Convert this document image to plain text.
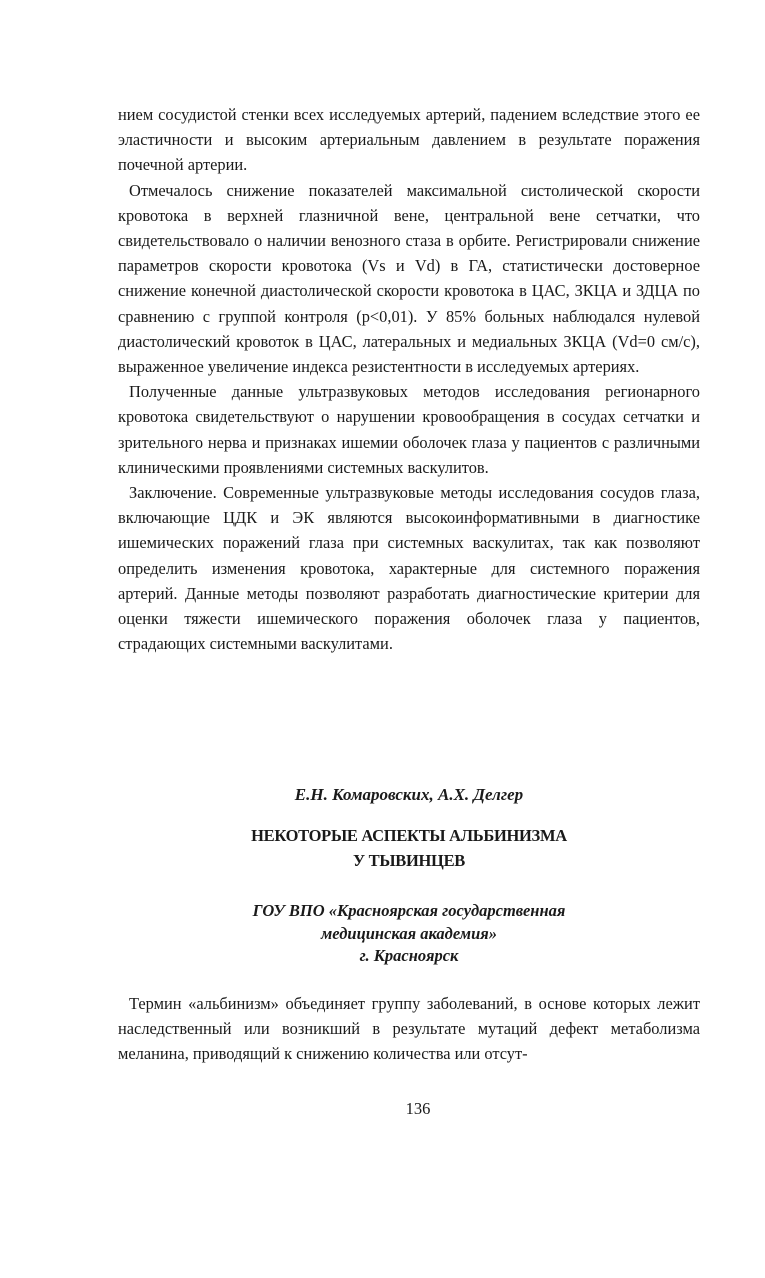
нием сосудистой стенки всех исследуемых артерий, падением вследствие этого ее эластичности и высоким артериальным давлением в результате поражения почечной артерии.

Отмечалось снижение показателей максимальной систолической скорости кровотока в верхней глазничной вене, центральной вене сетчатки, что свидетельствовало о наличии венозного стаза в орбите. Регистрировали снижение параметров скорости кровотока (Vs и Vd) в ГА, статистически достоверное снижение конечной диастолической скорости кровотока в ЦАС, ЗКЦА и ЗДЦА по сравнению с группой контроля (p<0,01). У 85% больных наблюдался нулевой диастолический кровоток в ЦАС, латеральных и медиальных ЗКЦА (Vd=0 см/с), выраженное увеличение индекса резистентности в исследуемых артериях.

Полученные данные ультразвуковых методов исследования регионарного кровотока свидетельствуют о нарушении кровообращения в сосудах сетчатки и зрительного нерва и признаках ишемии оболочек глаза у пациентов с различными клиническими проявлениями системных васкулитов.

Заключение. Современные ультразвуковые методы исследования сосудов глаза, включающие ЦДК и ЭК являются высокоинформативными в диагностике ишемических поражений глаза при системных васкулитах, так как позволяют определить изменения кровотока, характерные для системного поражения артерий. Данные методы позволяют разработать диагностические критерии для оценки тяжести ишемического поражения оболочек глаза у пациентов, страдающих системными васкулитами.

Е.Н. Комаровских, А.Х. Делгер

НЕКОТОРЫЕ АСПЕКТЫ АЛЬБИНИЗМА
У ТЫВИНЦЕВ
ГОУ ВПО «Красноярская государственная
медицинская академия»
г. Красноярск

Термин «альбинизм» объединяет группу заболеваний, в основе которых лежит наследственный или возникший в результате мутаций дефект метаболизма меланина, приводящий к снижению количества или отсут-

136
